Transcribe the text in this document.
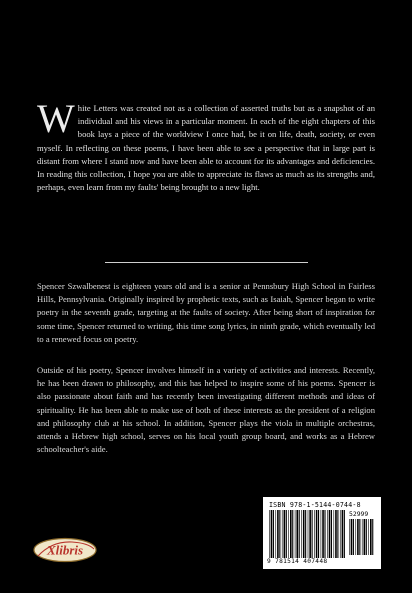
White Letters was created not as a collection of asserted truths but as a snapshot of an individual and his views in a particular moment. In each of the eight chapters of this book lays a piece of the worldview I once had, be it on life, death, society, or even myself. In reflecting on these poems, I have been able to see a perspective that in large part is distant from where I stand now and have been able to account for its advantages and deficiencies. In reading this collection, I hope you are able to appreciate its flaws as much as its strengths and, perhaps, even learn from my faults' being brought to a new light.
Spencer Szwalbenest is eighteen years old and is a senior at Pennsbury High School in Fairless Hills, Pennsylvania. Originally inspired by prophetic texts, such as Isaiah, Spencer began to write poetry in the seventh grade, targeting at the faults of society. After being short of inspiration for some time, Spencer returned to writing, this time song lyrics, in ninth grade, which eventually led to a renewed focus on poetry.
Outside of his poetry, Spencer involves himself in a variety of activities and interests. Recently, he has been drawn to philosophy, and this has helped to inspire some of his poems. Spencer is also passionate about faith and has recently been investigating different methods and ideas of spirituality. He has been able to make use of both of these interests as the president of a religion and philosophy club at his school. In addition, Spencer plays the viola in multiple orchestras, attends a Hebrew high school, serves on his local youth group board, and works as a Hebrew schoolteacher's aide.
ISBN 978-1-5144-0744-8
52999
9 781514 407448
Xlibris
